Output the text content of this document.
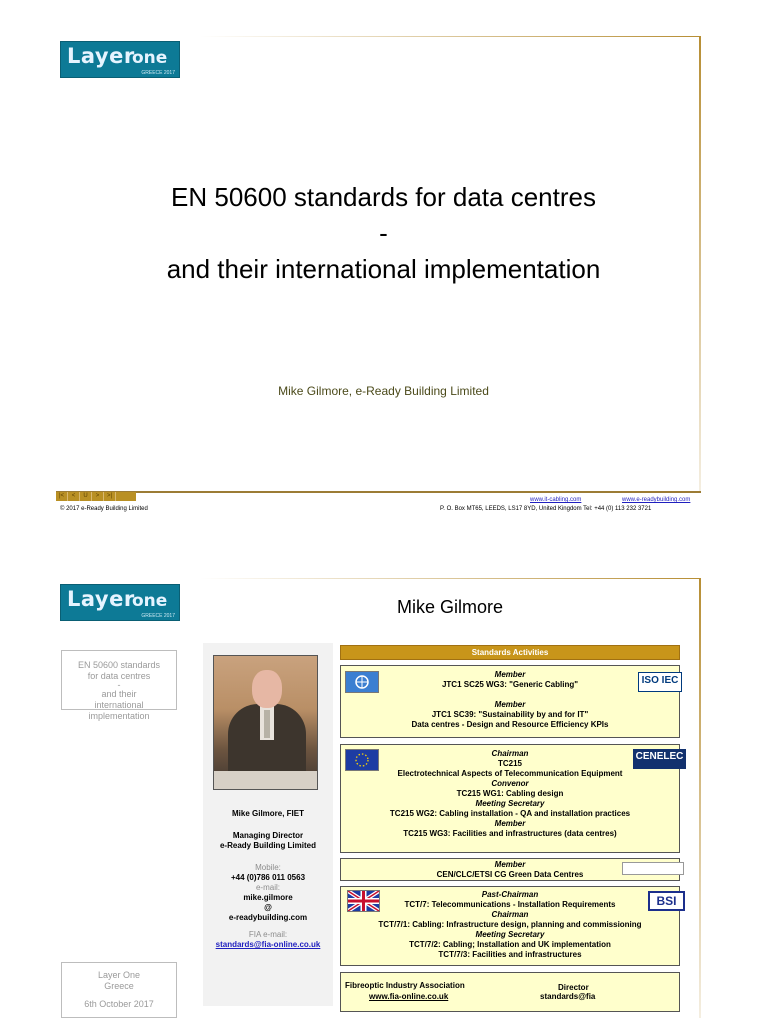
Layer
one
GREECE 2017
EN 50600 standards for data centres
-
and their international implementation
Mike Gilmore, e-Ready Building Limited
|<	<	U	>	>|
© 2017 e-Ready Building Limited
www.it-cabling.com	www.e-readybuilding.com
P. O. Box MT65, LEEDS, LS17 8YD, United Kingdom Tel: +44 (0) 113 232 3721
Layer
one
GREECE 2017	Mike Gilmore
EN 50600 standards
for data centres
-
and their
international
implementation
Layer One
Greece
6th October 2017
Mike Gilmore, FIET
Managing Director
e-Ready Building Limited
Mobile:
+44 (0)786 011 0563
e-mail:
mike.gilmore
@
e-readybuilding.com
FIA e-mail:
standards@fia-online.co.uk
Standards Activities
Member
JTC1 SC25 WG3: "Generic Cabling"
Member
JTC1 SC39: "Sustainability by and for IT"
Data centres - Design and Resource Efficiency KPIs
ISO IEC
Chairman
TC215
Electrotechnical Aspects of Telecommunication Equipment
Convenor
TC215 WG1: Cabling design
Meeting Secretary
TC215 WG2: Cabling installation - QA and installation practices
Member
TC215 WG3: Facilities and infrastructures (data centres)
CENELEC
Member
CEN/CLC/ETSI CG Green Data Centres
Past-Chairman
TCT/7: Telecommunications - Installation Requirements
Chairman
TCT/7/1: Cabling: Infrastructure design, planning and commissioning
Meeting Secretary
TCT/7/2: Cabling; Installation and UK implementation
TCT/7/3: Facilities and infrastructures
BSI
Fibreoptic Industry Association
www.fia-online.co.uk
Director
standards@fia
